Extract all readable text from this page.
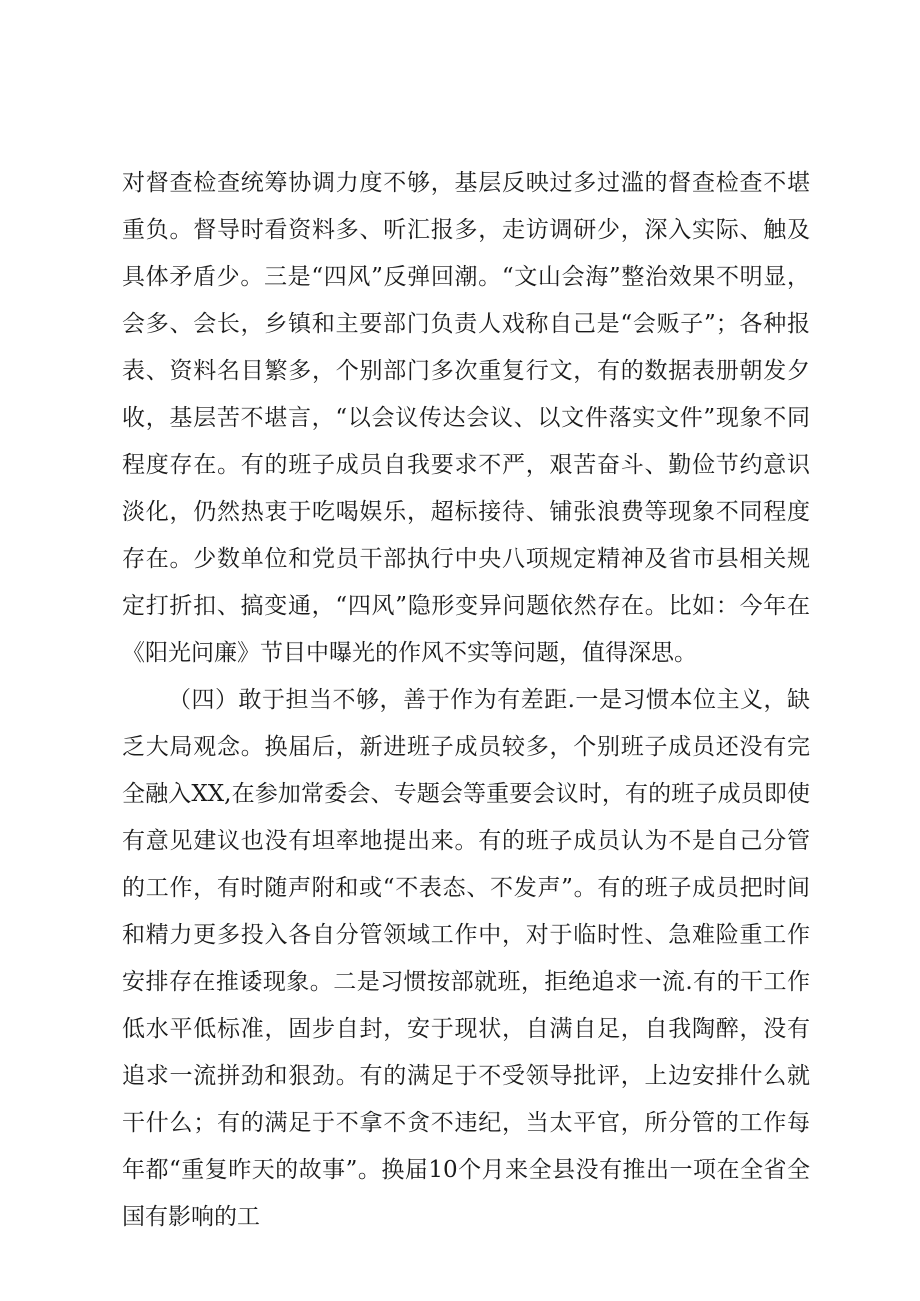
对督查检查统筹协调力度不够，基层反映过多过滥的督查检查不堪重负。督导时看资料多、听汇报多，走访调研少，深入实际、触及具体矛盾少。三是“四风”反弹回潮。“文山会海”整治效果不明显，会多、会长，乡镇和主要部门负责人戏称自己是“会贩子”；各种报表、资料名目繁多，个别部门多次重复行文，有的数据表册朝发夕收，基层苦不堪言，“以会议传达会议、以文件落实文件”现象不同程度存在。有的班子成员自我要求不严，艰苦奋斗、勤俭节约意识淡化，仍然热衷于吃喝娱乐，超标接待、铺张浪费等现象不同程度存在。少数单位和党员干部执行中央八项规定精神及省市县相关规定打折扣、搞变通，“四风”隐形变异问题依然存在。比如：今年在《阳光问廉》节目中曝光的作风不实等问题，值得深思。

（四）敢于担当不够，善于作为有差距.一是习惯本位主义，缺乏大局观念。换届后，新进班子成员较多，个别班子成员还没有完全融入XX,在参加常委会、专题会等重要会议时，有的班子成员即使有意见建议也没有坦率地提出来。有的班子成员认为不是自己分管的工作，有时随声附和或“不表态、不发声”。有的班子成员把时间和精力更多投入各自分管领域工作中，对于临时性、急难险重工作安排存在推诿现象。二是习惯按部就班，拒绝追求一流.有的干工作低水平低标准，固步自封，安于现状，自满自足，自我陶醉，没有追求一流拼劲和狠劲。有的满足于不受领导批评，上边安排什么就干什么；有的满足于不拿不贪不违纪，当太平官，所分管的工作每年都“重复昨天的故事”。换届10个月来全县没有推出一项在全省全国有影响的工
